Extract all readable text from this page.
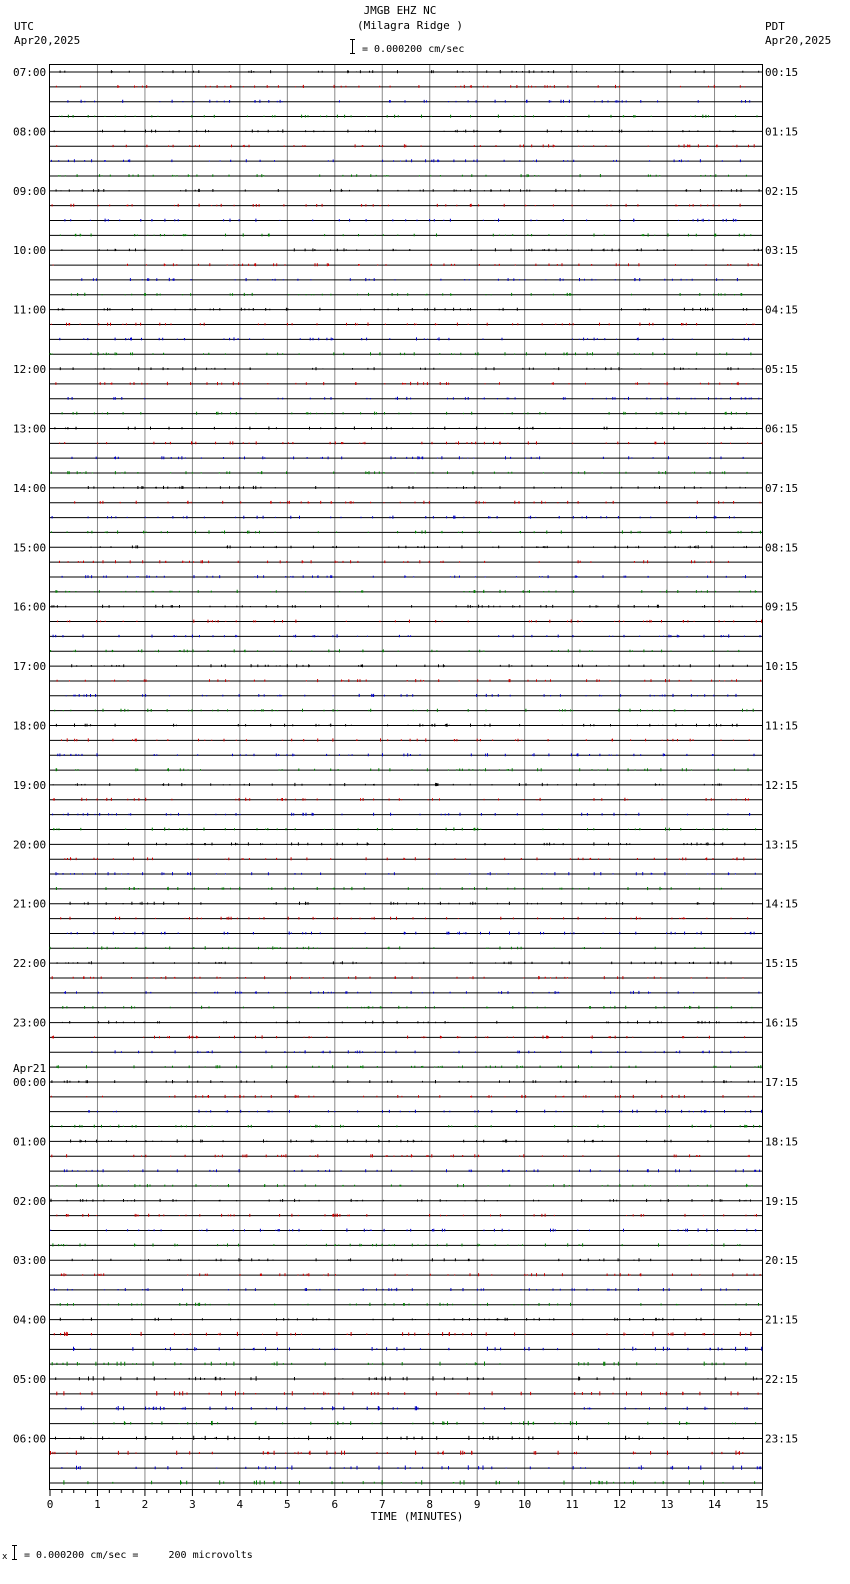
JMGB EHZ NC
(Milagra Ridge )
= 0.000200 cm/sec
UTC
Apr20,2025
PDT
Apr20,2025
0	1	2	3	4	5	6	7	8	9	10	11	12	13	14	15
07:00
08:00
09:00
10:00
11:00
12:00
13:00
14:00
15:00
16:00
17:00
18:00
19:00
20:00
21:00
22:00
23:00
00:00
01:00
02:00
03:00
04:00
05:00
06:00
00:15
01:15
02:15
03:15
04:15
05:15
06:15
07:15
08:15
09:15
10:15
11:15
12:15
13:15
14:15
15:15
16:15
17:15
18:15
19:15
20:15
21:15
22:15
23:15
Apr21
TIME (MINUTES)
x = 0.000200 cm/sec =     200 microvolts
